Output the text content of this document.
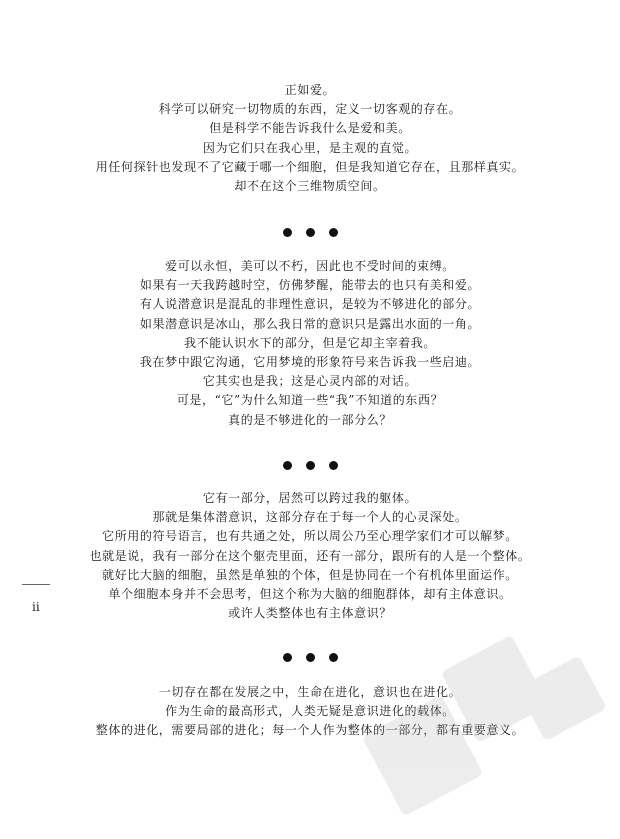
正如爱。
科学可以研究一切物质的东西，定义一切客观的存在。
但是科学不能告诉我什么是爱和美。
因为它们只在我心里，是主观的直觉。
用任何探针也发现不了它藏于哪一个细胞，但是我知道它存在，且那样真实。
却不在这个三维物质空间。
爱可以永恒，美可以不朽，因此也不受时间的束缚。
如果有一天我跨越时空，仿佛梦醒，能带去的也只有美和爱。
有人说潜意识是混乱的非理性意识，是较为不够进化的部分。
如果潜意识是冰山，那么我日常的意识只是露出水面的一角。
我不能认识水下的部分，但是它却主宰着我。
我在梦中跟它沟通，它用梦境的形象符号来告诉我一些启迪。
它其实也是我；这是心灵内部的对话。
可是，“它”为什么知道一些“我”不知道的东西？
真的是不够进化的一部分么？
它有一部分，居然可以跨过我的躯体。
那就是集体潜意识，这部分存在于每一个人的心灵深处。
它所用的符号语言，也有共通之处，所以周公乃至心理学家们才可以解梦。
也就是说，我有一部分在这个躯壳里面，还有一部分，跟所有的人是一个整体。
就好比大脑的细胞，虽然是单独的个体，但是协同在一个有机体里面运作。
单个细胞本身并不会思考，但这个称为大脑的细胞群体，却有主体意识。
或许人类整体也有主体意识？
一切存在都在发展之中，生命在进化，意识也在进化。
作为生命的最高形式，人类无疑是意识进化的载体。
整体的进化，需要局部的进化；每一个人作为整体的一部分，都有重要意义。
ii
